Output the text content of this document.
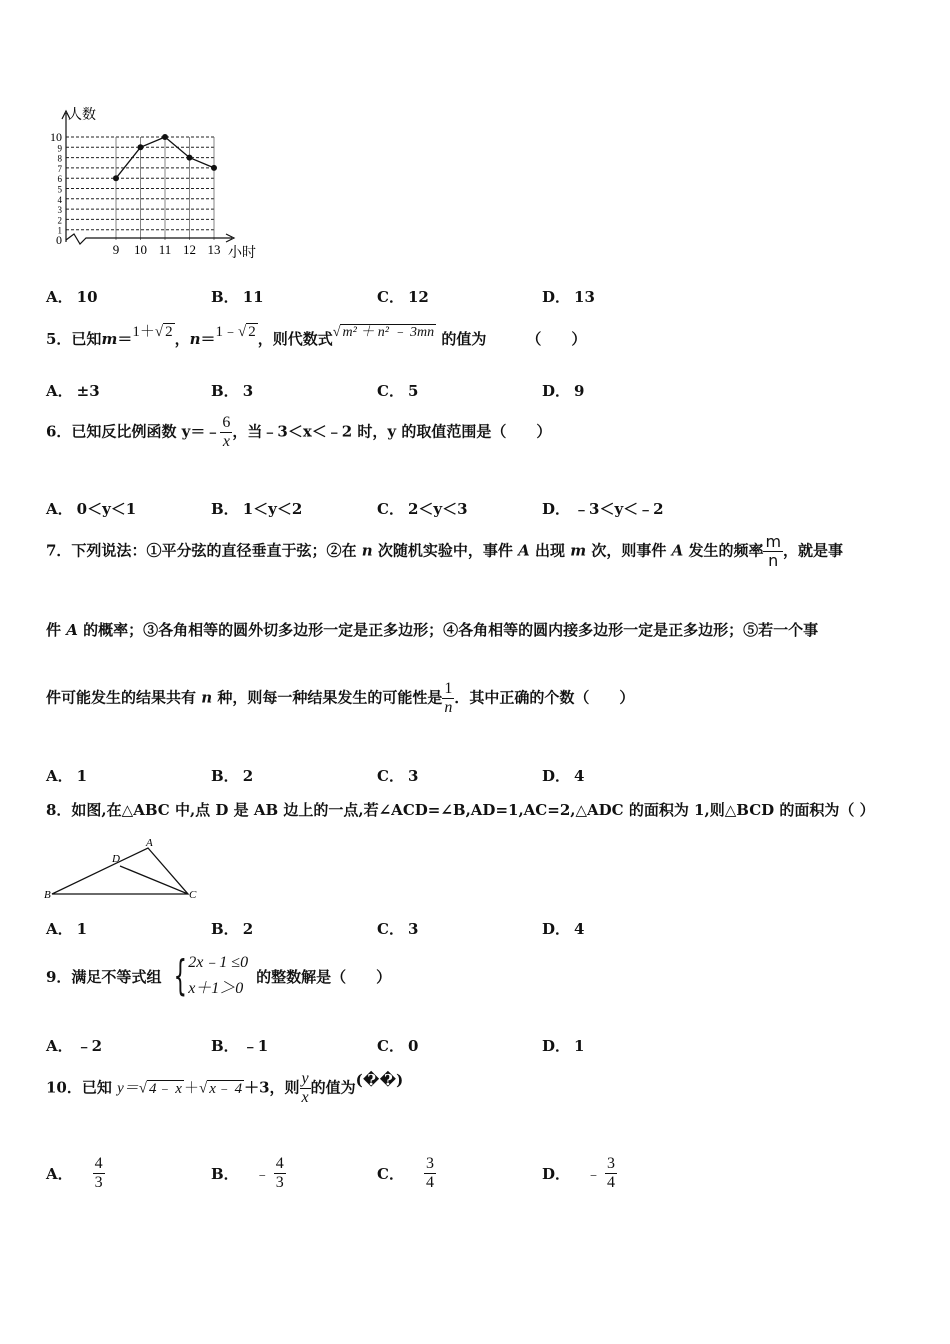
9 10 11 12 13
0
1
2
3
4
5
6
7
8
9
10
人数
小时
A． 10	B． 11	C． 12	D． 13
5．已知m＝1＋√ 2 ，n＝1﹣√ 2 ，则代数式√ m² ＋ n² ﹣ 3mn 的值为	（　　）
A． ±3	B． 3	C． 5	D． 9
6．已知反比例函数 y＝﹣ $\frac{6}{x}$ ，当﹣3＜x＜﹣2 时，y 的取值范围是（　　）
A． 0＜y＜1	B． 1＜y＜2	C． 2＜y＜3	D． ﹣3＜y＜﹣2
7．下列说法：①平分弦的直径垂直于弦；②在 n 次随机实验中，事件 A 出现 m 次，则事件 A 发生的频率 $\frac{m}{n}$ ，就是事
件 A 的概率；③各角相等的圆外切多边形一定是正多边形；④各角相等的圆内接多边形一定是正多边形；⑤若一个事
件可能发生的结果共有 n 种，则每一种结果发生的可能性是 $\frac{1}{n}$ ．其中正确的个数（　　）
A． 1	B． 2	C． 3	D． 4
8．如图,在△ABC 中,点 D 是 AB 边上的一点,若∠ACD=∠B,AD=1,AC=2,△ADC 的面积为 1,则△BCD 的面积为（ ）
A
D
B	C
A． 1	B． 2	C． 3	D． 4
9．满足不等式组 { 2x﹣1 ≤0
x＋1＞0
的整数解是（　　）
A． ﹣2	B． ﹣1	C． 0	D． 1
10．已知 y＝√ 4﹣ x ＋√ x﹣ 4 ＋3，则 $\frac{y}{x}$ 的值为(��)
A． $\frac{4}{3}$	B． ﹣ $\frac{4}{3}$	C． $\frac{3}{4}$	D． ﹣ $\frac{3}{4}$
